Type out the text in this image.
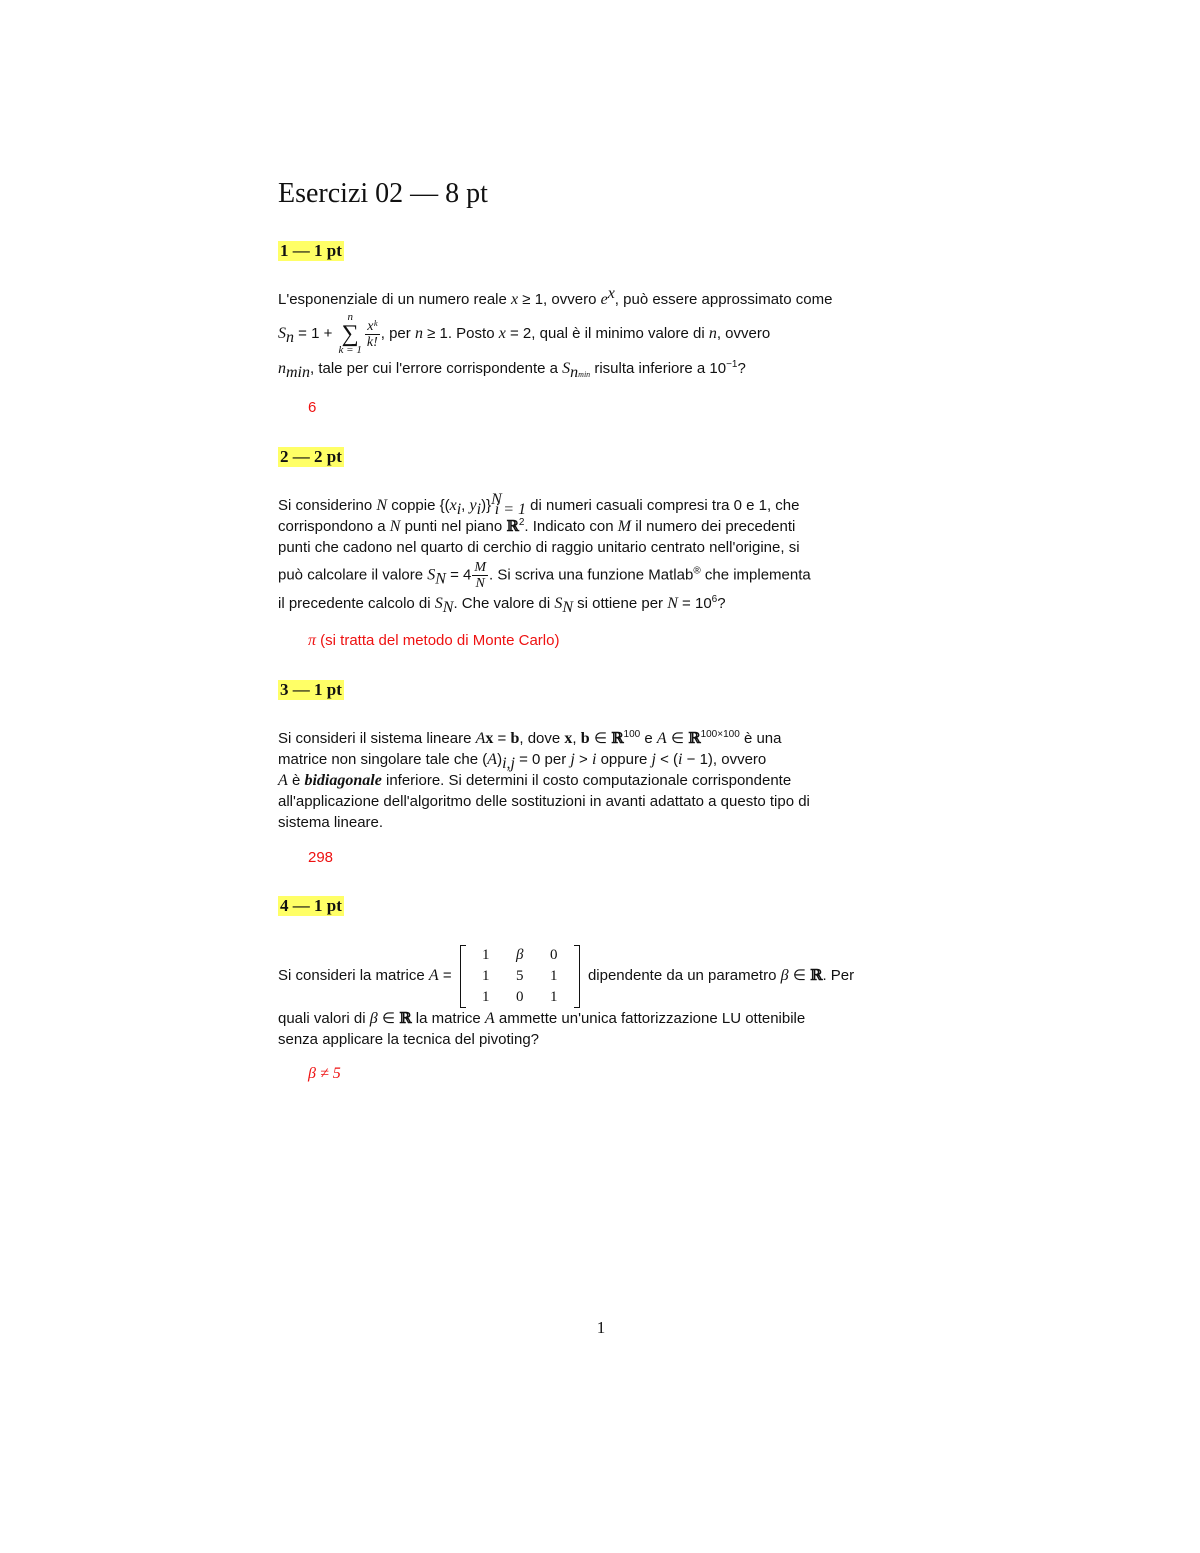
Esercizi 02 — 8 pt
1 — 1 pt
L'esponenziale di un numero reale x ≥ 1, ovvero $e^x$, può essere approssimato come
$S_n = 1$ +
n
∑
k = 1
$\frac{\text{xᵏ}}{k!}$ , per n ≥ 1. Posto x = 2, qual è il minimo valore di n, ovvero
$n_{min}$, tale per cui l'errore corrispondente a $S_{nmin}$ risulta inferiore a $10^{-1}$?
6
2 — 2 pt
Si considerino N coppie {($x_i$, $y_i)\}^N_{i = 1}$ di numeri casuali compresi tra 0 e 1, che
corrispondono a N punti nel piano ℝ$^2$. Indicato con M il numero dei precedenti
punti che cadono nel quarto di cerchio di raggio unitario centrato nell'origine, si
può calcolare il valore $S_N = 4 \frac{M}{N}$ . Si scriva una funzione Matlab® che implementa
il precedente calcolo di $S_N$. Che valore di $S_N$ si ottiene per $N = 10^6$?
π (si tratta del metodo di Monte Carlo)
3 — 1 pt
Si consideri il sistema lineare Ax = b, dove x, b ∈ ℝ$^{100}$ e A ∈ ℝ$^{100\times 100}$ è una
matrice non singolare tale che $(A)_{i,j} = 0$ per j > i oppure j < (i − 1), ovvero
A è bidiagonale inferiore. Si determini il costo computazionale corrispondente
all'applicazione dell'algoritmo delle sostituzioni in avanti adattato a questo tipo di
sistema lineare.
298
4 — 1 pt
Si consideri la matrice A =
1	β	0
1	5	1
1	0	1
dipendente da un parametro β ∈ ℝ. Per
quali valori di β ∈ ℝ la matrice A ammette un'unica fattorizzazione LU ottenibile
senza applicare la tecnica del pivoting?
β ≠ 5
1
